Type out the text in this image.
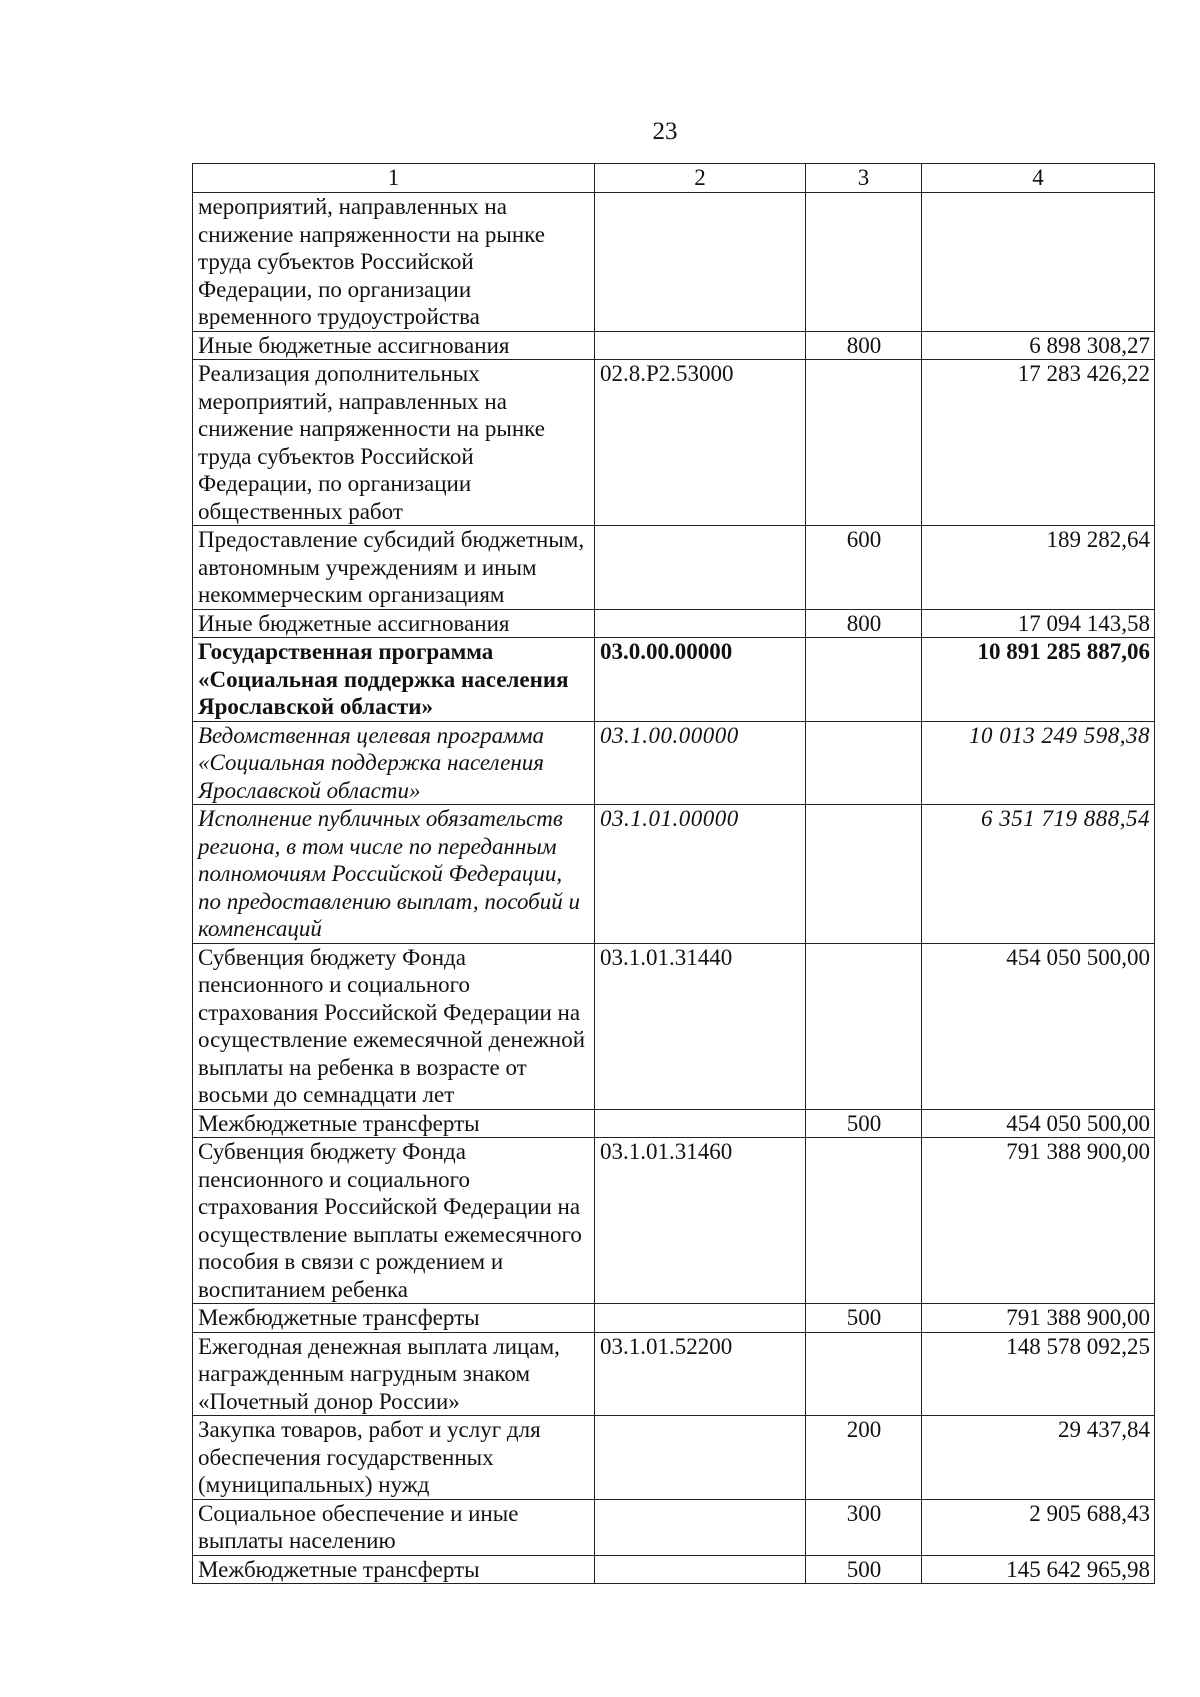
23
1	2	3	4
мероприятий, направленных на снижение напряженности на рынке труда субъектов Российской Федерации, по организации временного трудоустройства			
Иные бюджетные ассигнования		800	6 898 308,27
Реализация дополнительных мероприятий, направленных на снижение напряженности на рынке труда субъектов Российской Федерации, по организации общественных работ	02.8.Р2.53000		17 283 426,22
Предоставление субсидий бюджетным, автономным учреждениям и иным некоммерческим организациям		600	189 282,64
Иные бюджетные ассигнования		800	17 094 143,58
Государственная программа «Социальная поддержка населения Ярославской области»	03.0.00.00000		10 891 285 887,06
Ведомственная целевая программа «Социальная поддержка населения Ярославской области»	03.1.00.00000		10 013 249 598,38
Исполнение публичных обязательств региона, в том числе по переданным полномочиям Российской Федерации, по предоставлению выплат, пособий и компенсаций	03.1.01.00000		6 351 719 888,54
Субвенция бюджету Фонда пенсионного и социального страхования Российской Федерации на осуществление ежемесячной денежной выплаты на ребенка в возрасте от восьми до семнадцати лет	03.1.01.31440		454 050 500,00
Межбюджетные трансферты		500	454 050 500,00
Субвенция бюджету Фонда пенсионного и социального страхования Российской Федерации на осуществление выплаты ежемесячного пособия в связи с рождением и воспитанием ребенка	03.1.01.31460		791 388 900,00
Межбюджетные трансферты		500	791 388 900,00
Ежегодная денежная выплата лицам, награжденным нагрудным знаком «Почетный донор России»	03.1.01.52200		148 578 092,25
Закупка товаров, работ и услуг для обеспечения государственных (муниципальных) нужд		200	29 437,84
Социальное обеспечение и иные выплаты населению		300	2 905 688,43
Межбюджетные трансферты		500	145 642 965,98
